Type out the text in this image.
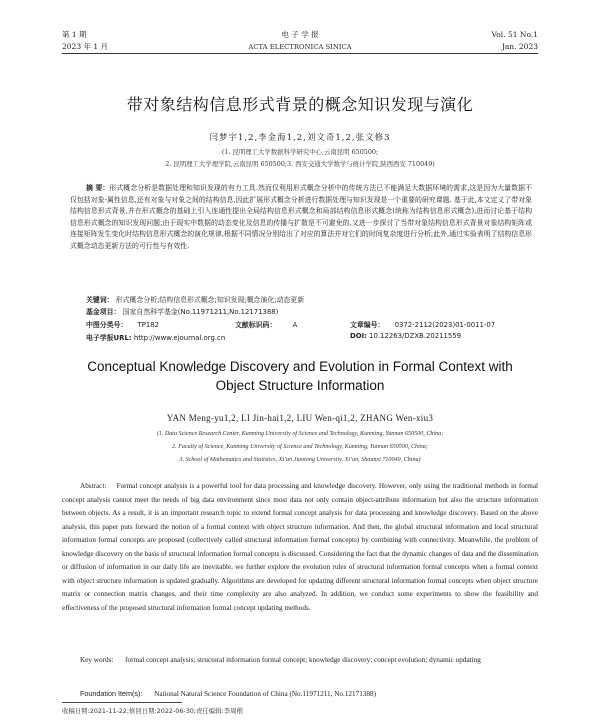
第 1 期
2023 年 1 月
电 子 学 报
ACTA ELECTRONICA SINICA
Vol. 51 No.1
Jan. 2023
带对象结构信息形式背景的概念知识发现与演化
闫梦宇1,2,李金海1,2,刘文奇1,2,张文修3
(1. 昆明理工大学数据科学研究中心,云南昆明 650500;
2. 昆明理工大学理学院,云南昆明 650500;3. 西安交通大学数学与统计学院,陕西西安 710049)
摘 要：形式概念分析是数据处理和知识发现的有力工具.然而仅利用形式概念分析中的传统方法已不能满足大数据环境的需求,这是因为大量数据不仅包括对象-属性信息,还有对象与对象之间的结构信息,因此扩展形式概念分析进行数据处理与知识发现是一个重要的研究课题. 基于此,本文定义了带对象结构信息形式背景,并在形式概念的基础上引入连通性提出全局结构信息形式概念和局部结构信息形式概念(统称为结构信息形式概念),进而讨论基于结构信息形式概念的知识发现问题;由于现实中数据的动态变化及信息的传播与扩散是不可避免的,又进一步探讨了当带对象结构信息形式背景对象结构矩阵或连接矩阵发生变化时结构信息形式概念的演化规律,根据不同情况分别给出了对应的算法并对它们的时间复杂度进行分析;此外,通过实验表明了结构信息形式概念动态更新方法的可行性与有效性.
关键词： 形式概念分析;结构信息形式概念;知识发现;概念演化;动态更新
基金项目： 国家自然科学基金(No.11971211,No.12171388)
中图分类号： TP182	文献标识码： A	文章编号： 0372-2112(2023)01-0011-07
电子学报URL: http://www.ejournal.org.cn	DOI: 10.12263/DZXB.20211559
Conceptual Knowledge Discovery and Evolution in Formal Context with
Object Structure Information
YAN Meng-yu1,2, LI Jin-hai1,2, LIU Wen-qi1,2, ZHANG Wen-xiu3
(1. Data Science Research Center, Kunming University of Science and Technology, Kunming, Yunnan 650500, China;
2. Faculty of Science, Kunming University of Science and Technology, Kunming, Yunnan 650500, China;
3. School of Mathematics and Statistics, Xi’an Jiaotong University, Xi’an, Shaanxi 710049, China)
Abstract: Formal concept analysis is a powerful tool for data processing and knowledge discovery. However, only using the traditional methods in formal concept analysis cannot meet the needs of big data environment since most data not only contain object-attribute information but also the structure information between objects. As a result, it is an important research topic to extend formal concept analysis for data processing and knowledge discovery. Based on the above analysis, this paper puts forward the notion of a formal context with object structure information. And then, the global structural information and local structural information formal concepts are proposed (collectively called structural information formal concepts) by combining with connectivity. Meanwhile, the problem of knowledge discovery on the basis of structural information formal concepts is discussed. Considering the fact that the dynamic changes of data and the dissemination or diffusion of information in our daily life are inevitable, we further explore the evolution rules of structural information formal concepts when a formal context with object structure information is updated gradually. Algorithms are developed for updating different structural information formal concepts when object structure matrix or connection matrix changes, and their time complexity are also analyzed. In addition, we conduct some experiments to show the feasibility and effectiveness of the proposed structural information formal concept updating methods.
Key words: formal concept analysis; structural information formal concept; knowledge discovery; concept evolution; dynamic updating
Foundation Item(s): National Natural Science Foundation of China (No.11971211, No.12171388)
收稿日期:2021-11-22;修回日期:2022-06-30;责任编辑:李周楷
